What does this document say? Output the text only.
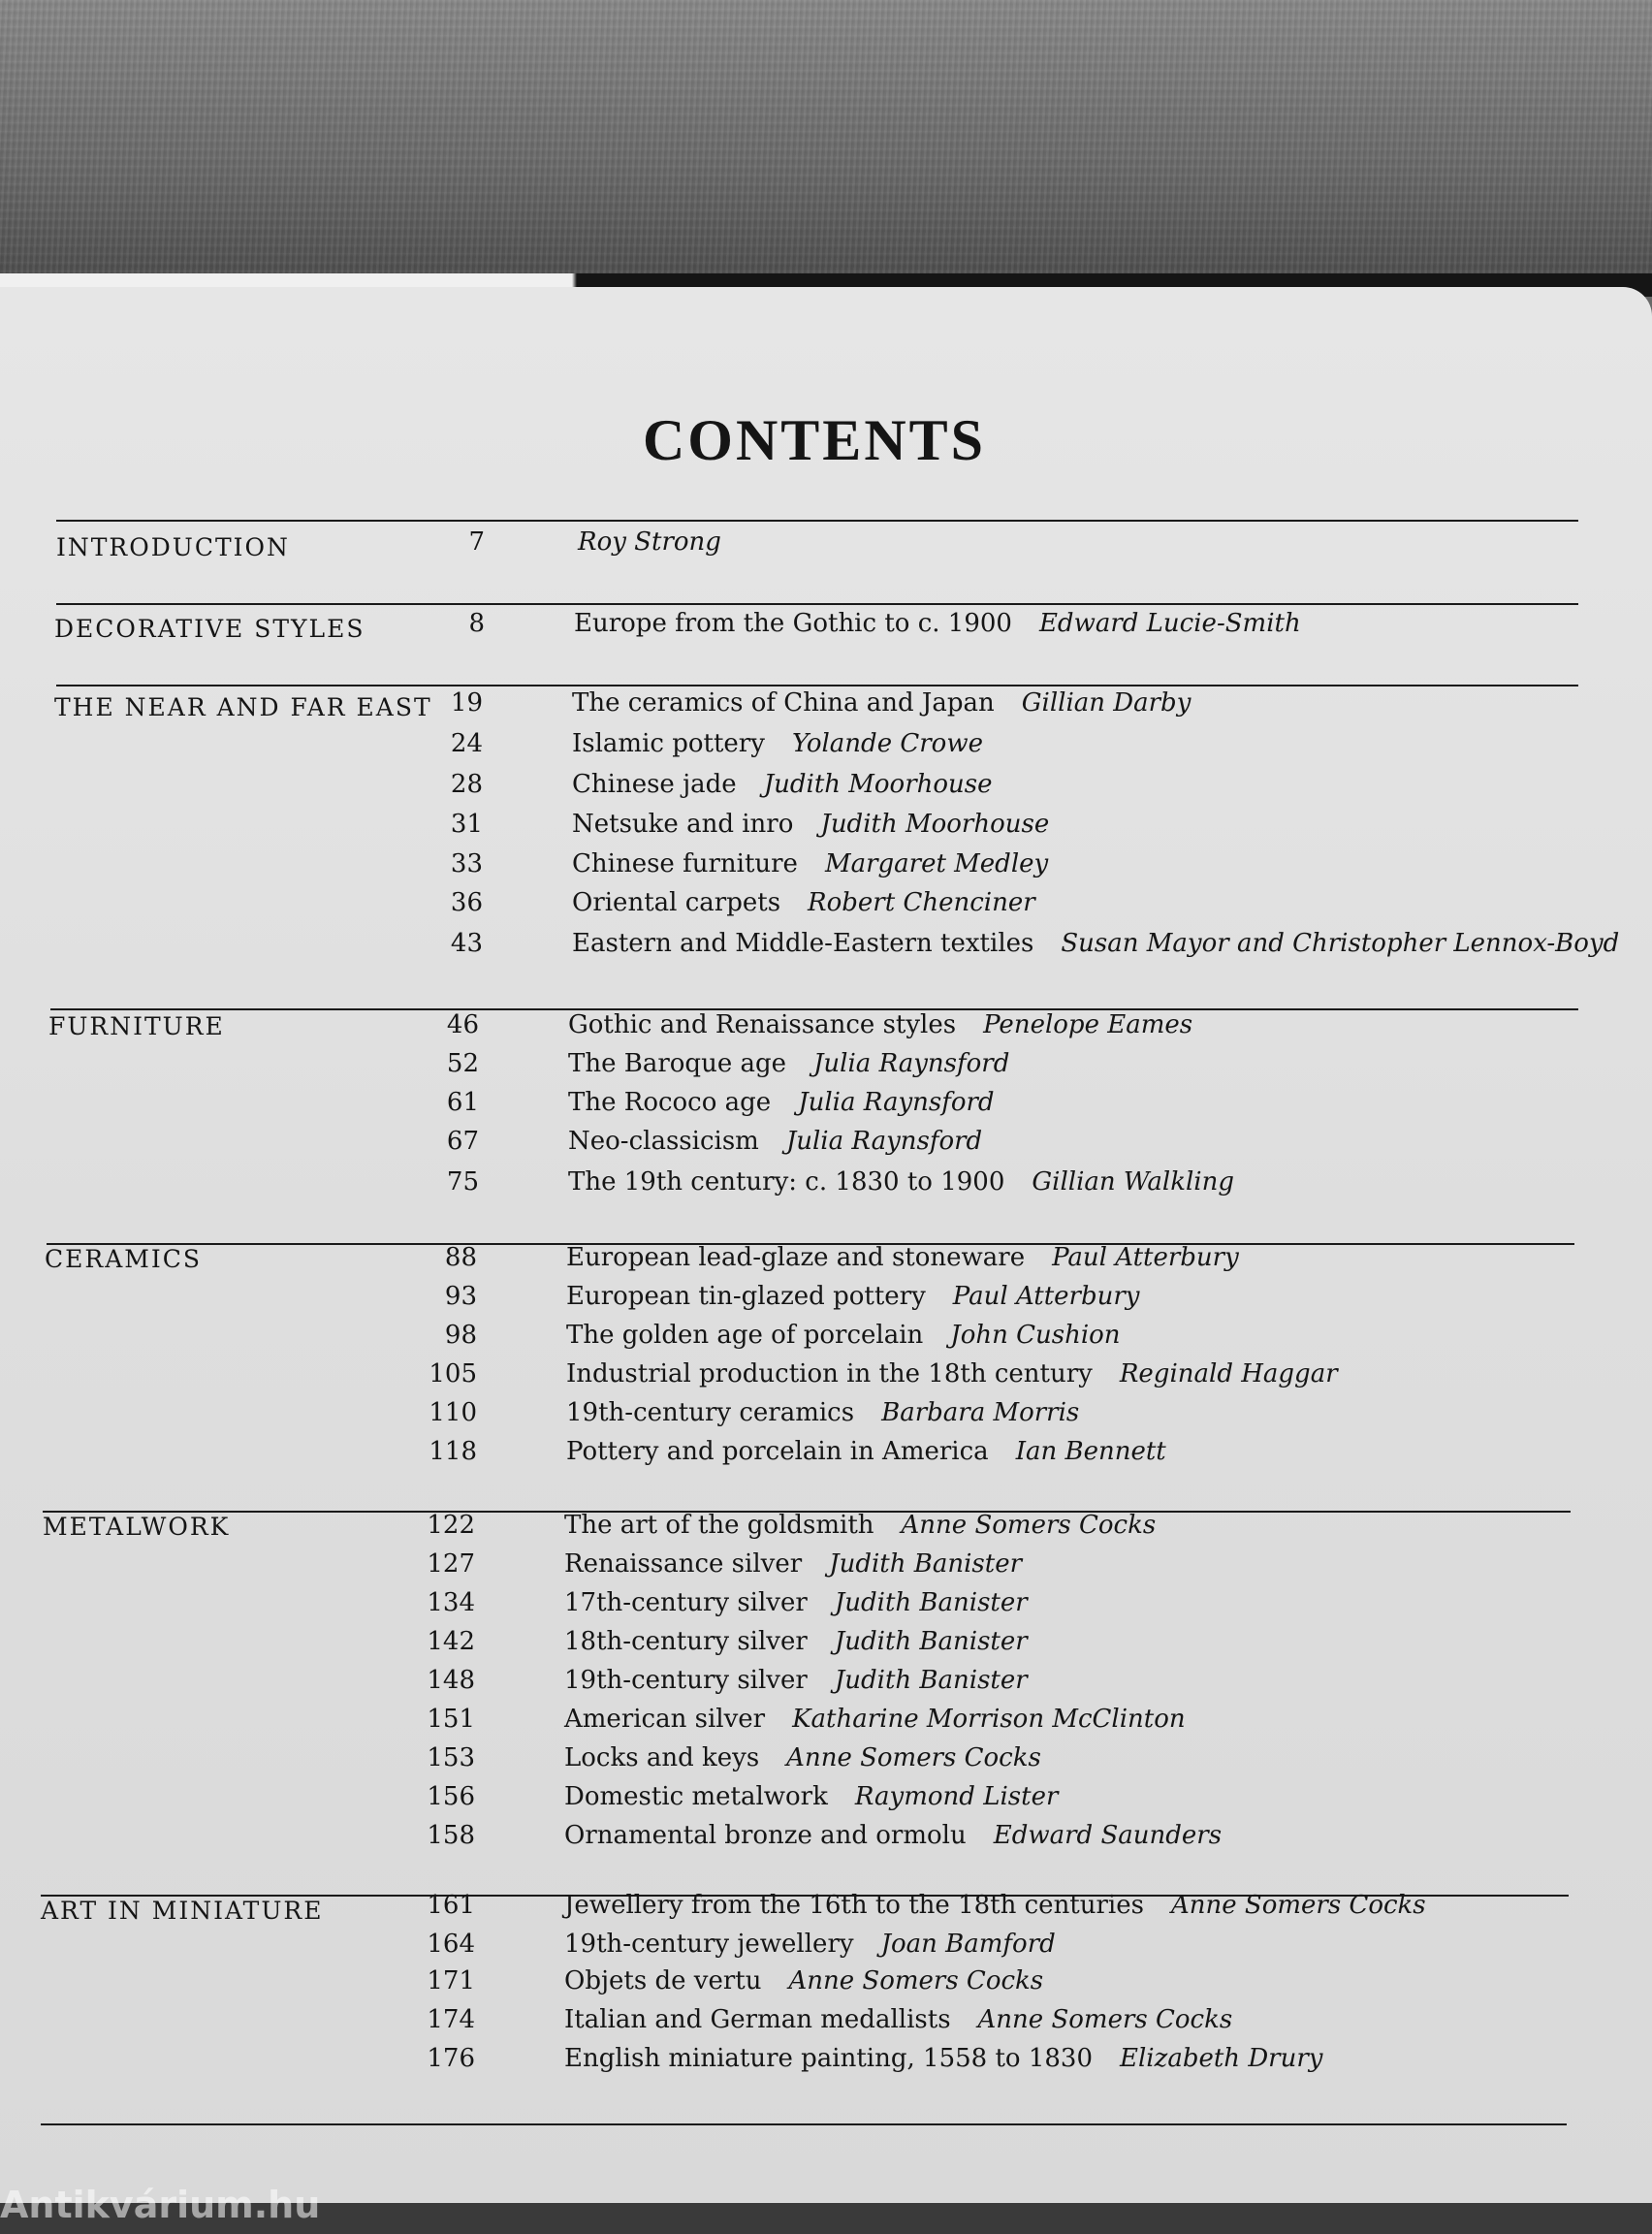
CONTENTS
INTRODUCTION	7	Roy Strong
DECORATIVE STYLES	8	Europe from the Gothic to c. 1900 Edward Lucie-Smith
THE NEAR AND FAR EAST 19	The ceramics of China and Japan Gillian Darby
24	Islamic pottery Yolande Crowe
28	Chinese jade Judith Moorhouse
31	Netsuke and inro Judith Moorhouse
33	Chinese furniture Margaret Medley
36	Oriental carpets Robert Chenciner
43	Eastern and Middle-Eastern textiles Susan Mayor and Christopher Lennox-Boyd
FURNITURE	46	Gothic and Renaissance styles Penelope Eames
52	The Baroque age Julia Raynsford
61	The Rococo age Julia Raynsford
67	Neo-classicism Julia Raynsford
75	The 19th century: c. 1830 to 1900 Gillian Walkling
CERAMICS	88	European lead-glaze and stoneware Paul Atterbury
93	European tin-glazed pottery Paul Atterbury
98	The golden age of porcelain John Cushion
105	Industrial production in the 18th century Reginald Haggar
110	19th-century ceramics Barbara Morris
118	Pottery and porcelain in America Ian Bennett
METALWORK	122	The art of the goldsmith Anne Somers Cocks
127	Renaissance silver Judith Banister
134	17th-century silver Judith Banister
142	18th-century silver Judith Banister
148	19th-century silver Judith Banister
151	American silver Katharine Morrison McClinton
153	Locks and keys Anne Somers Cocks
156	Domestic metalwork Raymond Lister
158	Ornamental bronze and ormolu Edward Saunders
ART IN MINIATURE	161	Jewellery from the 16th to the 18th centuries Anne Somers Cocks
164	19th-century jewellery Joan Bamford
171	Objets de vertu Anne Somers Cocks
174	Italian and German medallists Anne Somers Cocks
176	English miniature painting, 1558 to 1830 Elizabeth Drury
Antikvárium.hu
